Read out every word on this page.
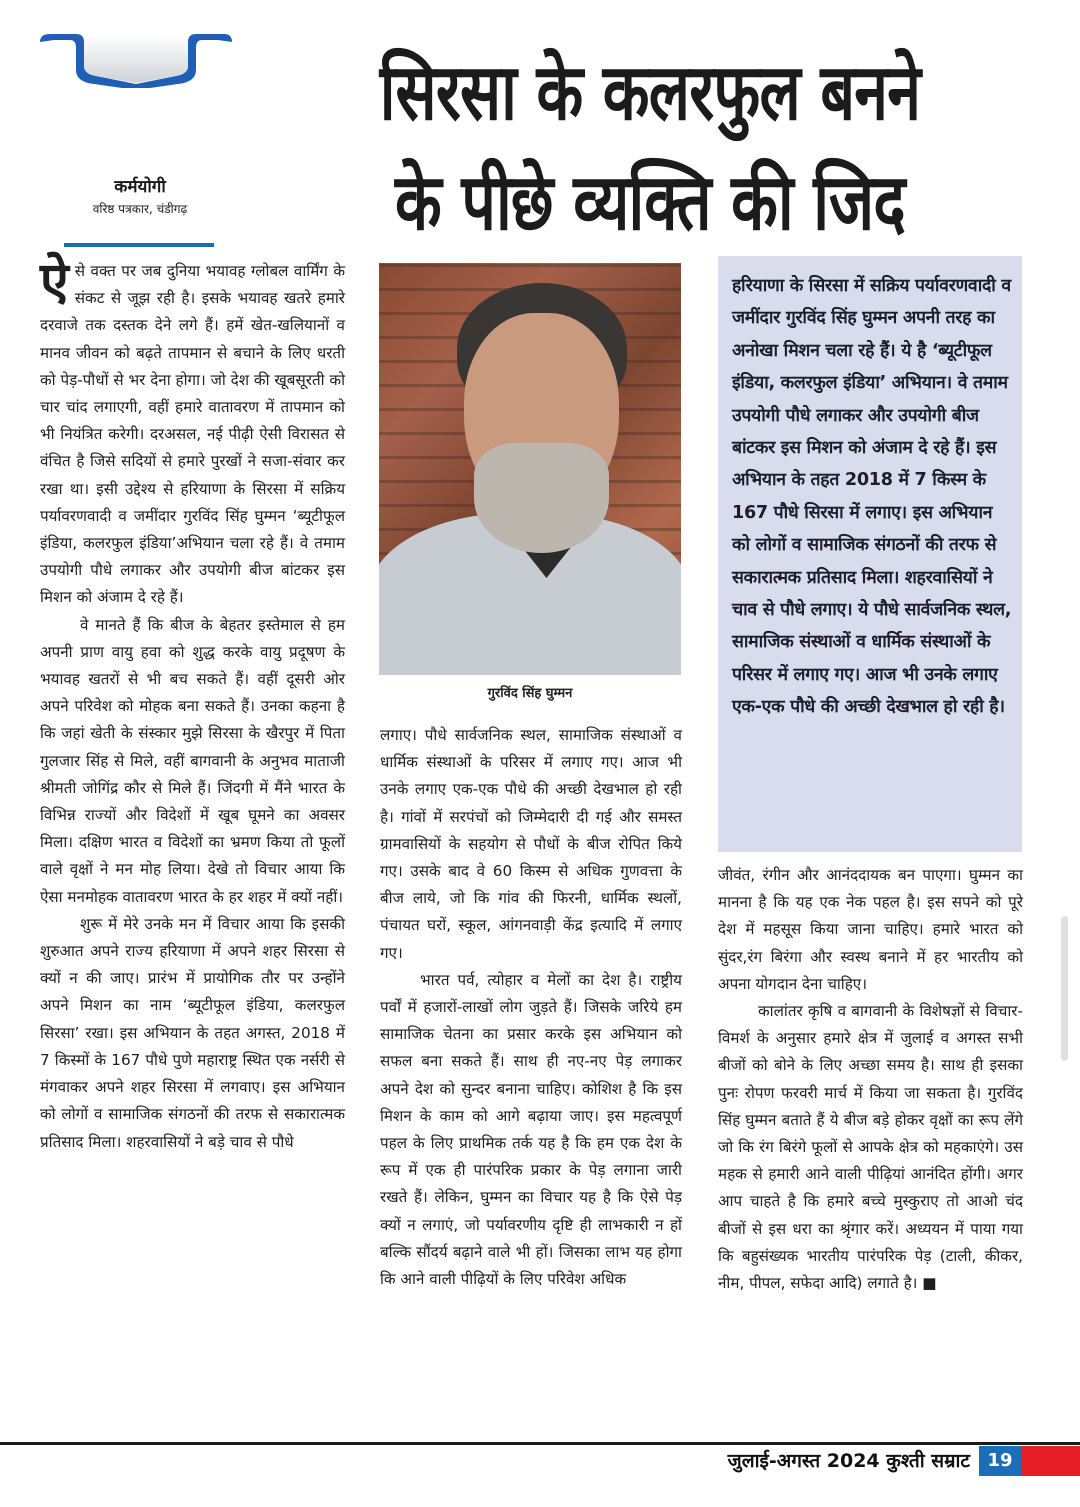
सिरसा के कलरफुल बनने
के पीछे व्यक्ति की जिद
कर्मयोगी
वरिष्ठ पत्रकार, चंडीगढ़

ऐसे वक्त पर जब दुनिया भयावह ग्लोबल वार्मिंग के संकट से जूझ रही है। इसके भयावह खतरे हमारे दरवाजे तक दस्तक देने लगे हैं। हमें खेत-खलियानों व मानव जीवन को बढ़ते तापमान से बचाने के लिए धरती को पेड़-पौधों से भर देना होगा। जो देश की खूबसूरती को चार चांद लगाएगी, वहीं हमारे वातावरण में तापमान को भी नियंत्रित करेगी। दरअसल, नई पीढ़ी ऐसी विरासत से वंचित है जिसे सदियों से हमारे पुरखों ने सजा-संवार कर रखा था। इसी उद्देश्य से हरियाणा के सिरसा में सक्रिय पर्यावरणवादी व जमींदार गुरविंद सिंह घुम्मन ‘ब्यूटीफूल इंडिया, कलरफुल इंडिया’अभियान चला रहे हैं। वे तमाम उपयोगी पौधे लगाकर और उपयोगी बीज बांटकर इस मिशन को अंजाम दे रहे हैं।

वे मानते हैं कि बीज के बेहतर इस्तेमाल से हम अपनी प्राण वायु हवा को शुद्ध करके वायु प्रदूषण के भयावह खतरों से भी बच सकते हैं। वहीं दूसरी ओर अपने परिवेश को मोहक बना सकते हैं। उनका कहना है कि जहां खेती के संस्कार मुझे सिरसा के खैरपुर में पिता गुलजार सिंह से मिले, वहीं बागवानी के अनुभव माताजी श्रीमती जोगिंद्र कौर से मिले हैं। जिंदगी में मैंने भारत के विभिन्न राज्यों और विदेशों में खूब घूमने का अवसर मिला। दक्षिण भारत व विदेशों का भ्रमण किया तो फूलों वाले वृक्षों ने मन मोह लिया। देखे तो विचार आया कि ऐसा मनमोहक वातावरण भारत के हर शहर में क्यों नहीं।

शुरू में मेरे उनके मन में विचार आया कि इसकी शुरुआत अपने राज्य हरियाणा में अपने शहर सिरसा से क्यों न की जाए। प्रारंभ में प्रायोगिक तौर पर उन्होंने अपने मिशन का नाम ‘ब्यूटीफूल इंडिया, कलरफुल सिरसा’ रखा। इस अभियान के तहत अगस्त, 2018 में 7 किस्मों के 167 पौधे पुणे महाराष्ट्र स्थित एक नर्सरी से मंगवाकर अपने शहर सिरसा में लगवाए। इस अभियान को लोगों व सामाजिक संगठनों की तरफ से सकारात्मक प्रतिसाद मिला। शहरवासियों ने बड़े चाव से पौधे

गुरविंद सिंह घुम्मन

लगाए। पौधे सार्वजनिक स्थल, सामाजिक संस्थाओं व धार्मिक संस्थाओं के परिसर में लगाए गए। आज भी उनके लगाए एक-एक पौधे की अच्छी देखभाल हो रही है। गांवों में सरपंचों को जिम्मेदारी दी गई और समस्त ग्रामवासियों के सहयोग से पौधों के बीज रोपित किये गए। उसके बाद वे 60 किस्म से अधिक गुणवत्ता के बीज लाये, जो कि गांव की फिरनी, धार्मिक स्थलों, पंचायत घरों, स्कूल, आंगनवाड़ी केंद्र इत्यादि में लगाए गए।

भारत पर्व, त्योहार व मेलों का देश है। राष्ट्रीय पर्वों में हजारों-लाखों लोग जुड़ते हैं। जिसके जरिये हम सामाजिक चेतना का प्रसार करके इस अभियान को सफल बना सकते हैं। साथ ही नए-नए पेड़ लगाकर अपने देश को सुन्दर बनाना चाहिए। कोशिश है कि इस मिशन के काम को आगे बढ़ाया जाए। इस महत्वपूर्ण पहल के लिए प्राथमिक तर्क यह है कि हम एक देश के रूप में एक ही पारंपरिक प्रकार के पेड़ लगाना जारी रखते हैं। लेकिन, घुम्मन का विचार यह है कि ऐसे पेड़ क्यों न लगाएं, जो पर्यावरणीय दृष्टि ही लाभकारी न हों बल्कि सौंदर्य बढ़ाने वाले भी हों। जिसका लाभ यह होगा कि आने वाली पीढ़ियों के लिए परिवेश अधिक

हरियाणा के सिरसा में सक्रिय पर्यावरणवादी व जमींदार गुरविंद सिंह घुम्मन अपनी तरह का अनोखा मिशन चला रहे हैं। ये है ‘ब्यूटीफूल इंडिया, कलरफुल इंडिया’ अभियान। वे तमाम उपयोगी पौधे लगाकर और उपयोगी बीज बांटकर इस मिशन को अंजाम दे रहे हैं। इस अभियान के तहत 2018 में 7 किस्म के 167 पौधे सिरसा में लगाए। इस अभियान को लोगों व सामाजिक संगठनों की तरफ से सकारात्मक प्रतिसाद मिला। शहरवासियों ने चाव से पौधे लगाए। ये पौधे सार्वजनिक स्थल, सामाजिक संस्थाओं व धार्मिक संस्थाओं के परिसर में लगाए गए। आज भी उनके लगाए एक-एक पौधे की अच्छी देखभाल हो रही है।

जीवंत, रंगीन और आनंददायक बन पाएगा। घुम्मन का मानना है कि यह एक नेक पहल है। इस सपने को पूरे देश में महसूस किया जाना चाहिए। हमारे भारत को सुंदर,रंग बिरंगा और स्वस्थ बनाने में हर भारतीय को अपना योगदान देना चाहिए।

कालांतर कृषि व बागवानी के विशेषज्ञों से विचार- विमर्श के अनुसार हमारे क्षेत्र में जुलाई व अगस्त सभी बीजों को बोने के लिए अच्छा समय है। साथ ही इसका पुनः रोपण फरवरी मार्च में किया जा सकता है। गुरविंद सिंह घुम्मन बताते हैं ये बीज बड़े होकर वृक्षों का रूप लेंगे जो कि रंग बिरंगे फूलों से आपके क्षेत्र को महकाएंगे। उस महक से हमारी आने वाली पीढ़ियां आनंदित होंगी। अगर आप चाहते है कि हमारे बच्चे मुस्कुराए तो आओ चंद बीजों से इस धरा का श्रृंगार करें। अध्ययन में पाया गया कि बहुसंख्यक भारतीय पारंपरिक पेड़ (टाली, कीकर, नीम, पीपल, सफेदा आदि) लगाते है। ■

जुलाई-अगस्त 2024 कुश्ती सम्राट 19
